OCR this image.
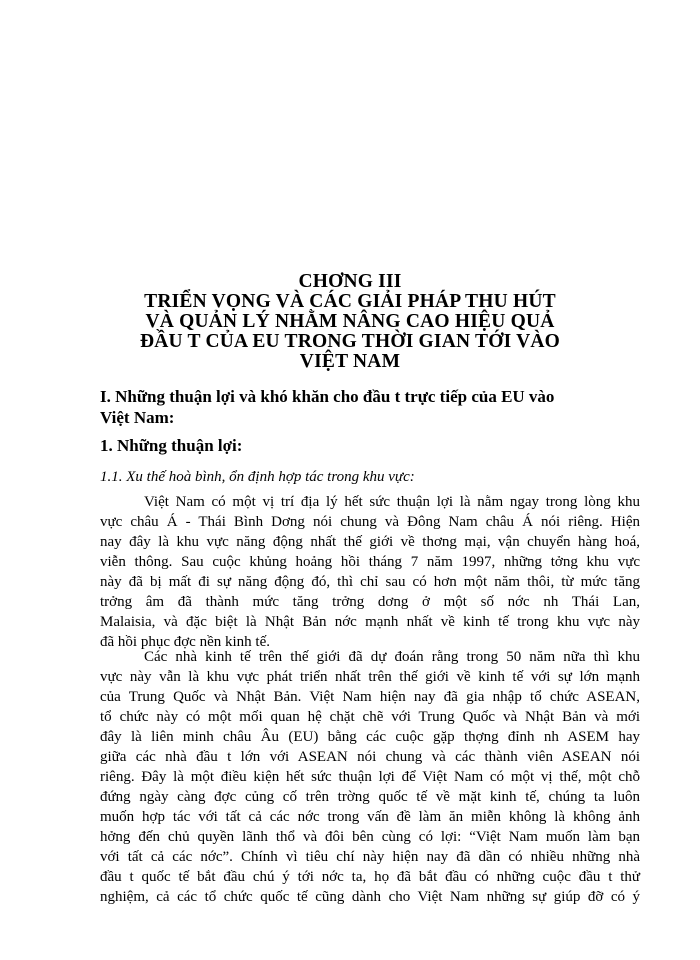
CHƠNG III
TRIỂN VỌNG VÀ CÁC GIẢI PHÁP THU HÚT
VÀ QUẢN LÝ NHẰM NÂNG CAO HIỆU QUẢ
ĐẦU T CỦA EU TRONG THỜI GIAN TỚI VÀO
VIỆT NAM
I. Những thuận lợi và khó khăn cho đầu t trực tiếp của EU vào
Việt Nam:
1. Những thuận lợi:
1.1. Xu thế hoà bình, ổn định hợp tác trong khu vực:
Việt Nam có một vị trí địa lý hết sức thuận lợi là nằm ngay trong lòng khu
vực châu Á - Thái Bình Dơng nói chung và Đông Nam châu Á nói riêng. Hiện
nay đây là khu vực năng động nhất thế giới về thơng mại, vận chuyển hàng hoá,
viễn thông. Sau cuộc khủng hoảng hồi tháng 7 năm 1997, những tởng khu vực
này đã bị mất đi sự năng động đó, thì chỉ sau có hơn một năm thôi, từ mức tăng
trởng âm đã thành mức tăng trởng dơng ở một số nớc nh Thái Lan,
Malaisia, và đặc biệt là Nhật Bản nớc mạnh nhất về kinh tế trong khu vực này
đã hồi phục đợc nền kinh tế.
Các nhà kinh tế trên thế giới đã dự đoán rằng trong 50 năm nữa thì khu
vực này vẫn là khu vực phát triển nhất trên thế giới về kinh tế với sự lớn mạnh
của Trung Quốc và Nhật Bản. Việt Nam hiện nay đã gia nhập tổ chức ASEAN,
tổ chức này có một mối quan hệ chặt chẽ với Trung Quốc và Nhật Bản và mới
đây là liên minh châu Âu (EU) bằng các cuộc gặp thợng đỉnh nh ASEM hay
giữa các nhà đầu t lớn với ASEAN nói chung và các thành viên ASEAN nói
riêng. Đây là một điều kiện hết sức thuận lợi để Việt Nam có một vị thế, một chỗ
đứng ngày càng đợc củng cố trên trờng quốc tế về mặt kinh tế, chúng ta luôn
muốn hợp tác với tất cả các nớc trong vấn đề làm ăn miễn không là không ảnh
hởng đến chủ quyền lãnh thổ và đôi bên cùng có lợi: “Việt Nam muốn làm bạn
với tất cả các nớc”. Chính vì tiêu chí này hiện nay đã dần có nhiều những nhà
đầu t quốc tế bắt đầu chú ý tới nớc ta, họ đã bắt đầu có những cuộc đầu t thử
nghiệm, cả các tổ chức quốc tế cũng dành cho Việt Nam những sự giúp đỡ có ý
